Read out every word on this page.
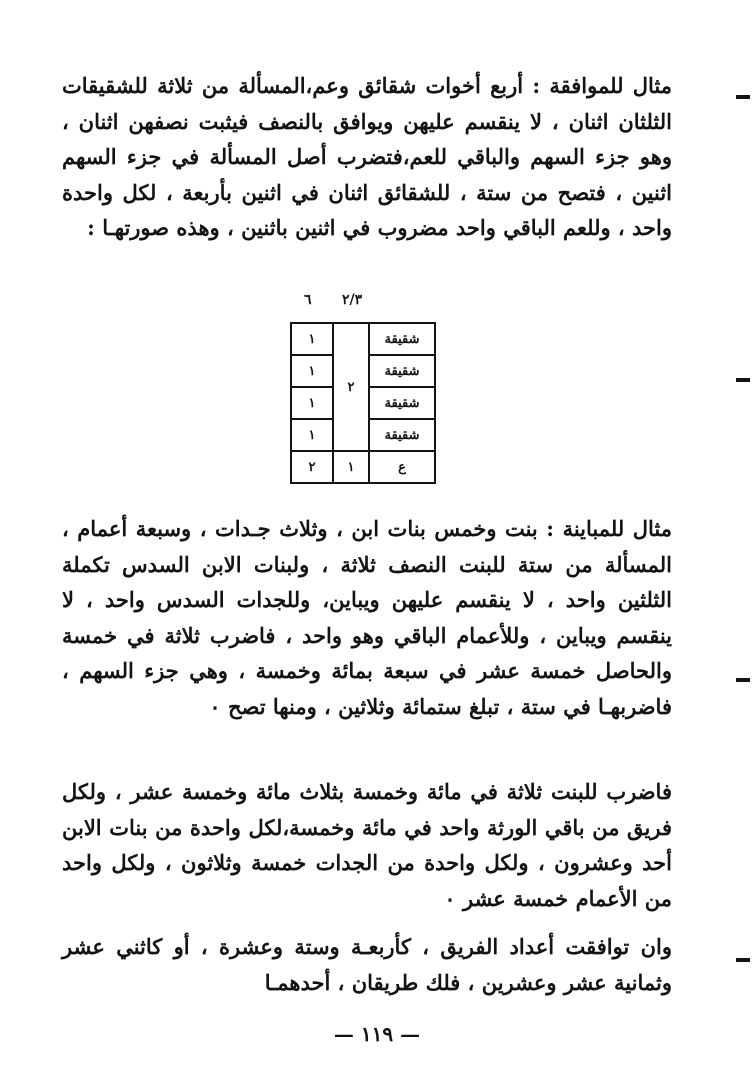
مثال للموافقة : أربع أخوات شقائق وعم،المسألة من ثلاثة للشقيقات الثلثان اثنان ، لا ينقسم عليهن ويوافق بالنصف فيثبت نصفهن اثنان ، وهو جزء السهم والباقي للعم،فتضرب أصل المسألة في جزء السهم اثنين ، فتصح من ستة ، للشقائق اثنان في اثنين بأربعة ، لكل واحدة واحد ، وللعم الباقي واحد مضروب في اثنين باثنين ، وهذه صورتهـا :

٦ ٢/٣
شقيقة	٢	١
شقيقة		١
شقيقة		١
شقيقة		١
ع	١	٢

مثال للمباينة : بنت وخمس بنات ابن ، وثلاث جـدات ، وسبعة أعمام ، المسألة من ستة للبنت النصف ثلاثة ، ولبنات الابن السدس تكملة الثلثين واحد ، لا ينقسم عليهن ويباين، وللجدات السدس واحد ، لا ينقسم ويباين ، وللأعمام الباقي وهو واحد ، فاضرب ثلاثة في خمسة والحاصل خمسة عشر في سبعة بمائة وخمسة ، وهي جزء السهم ، فاضربهـا في ستة ، تبلغ ستمائة وثلاثين ، ومنها تصح ٠

فاضرب للبنت ثلاثة في مائة وخمسة بثلاث مائة وخمسة عشر ، ولكل فريق من باقي الورثة واحد في مائة وخمسة،لكل واحدة من بنات الابن أحد وعشرون ، ولكل واحدة من الجدات خمسة وثلاثون ، ولكل واحد من الأعمام خمسة عشر ٠

وان توافقت أعداد الفريق ، كأربعـة وستة وعشرة ، أو كاثني عشر وثمانية عشر وعشرين ، فلك طريقان ، أحدهمـا

— ١١٩ —
